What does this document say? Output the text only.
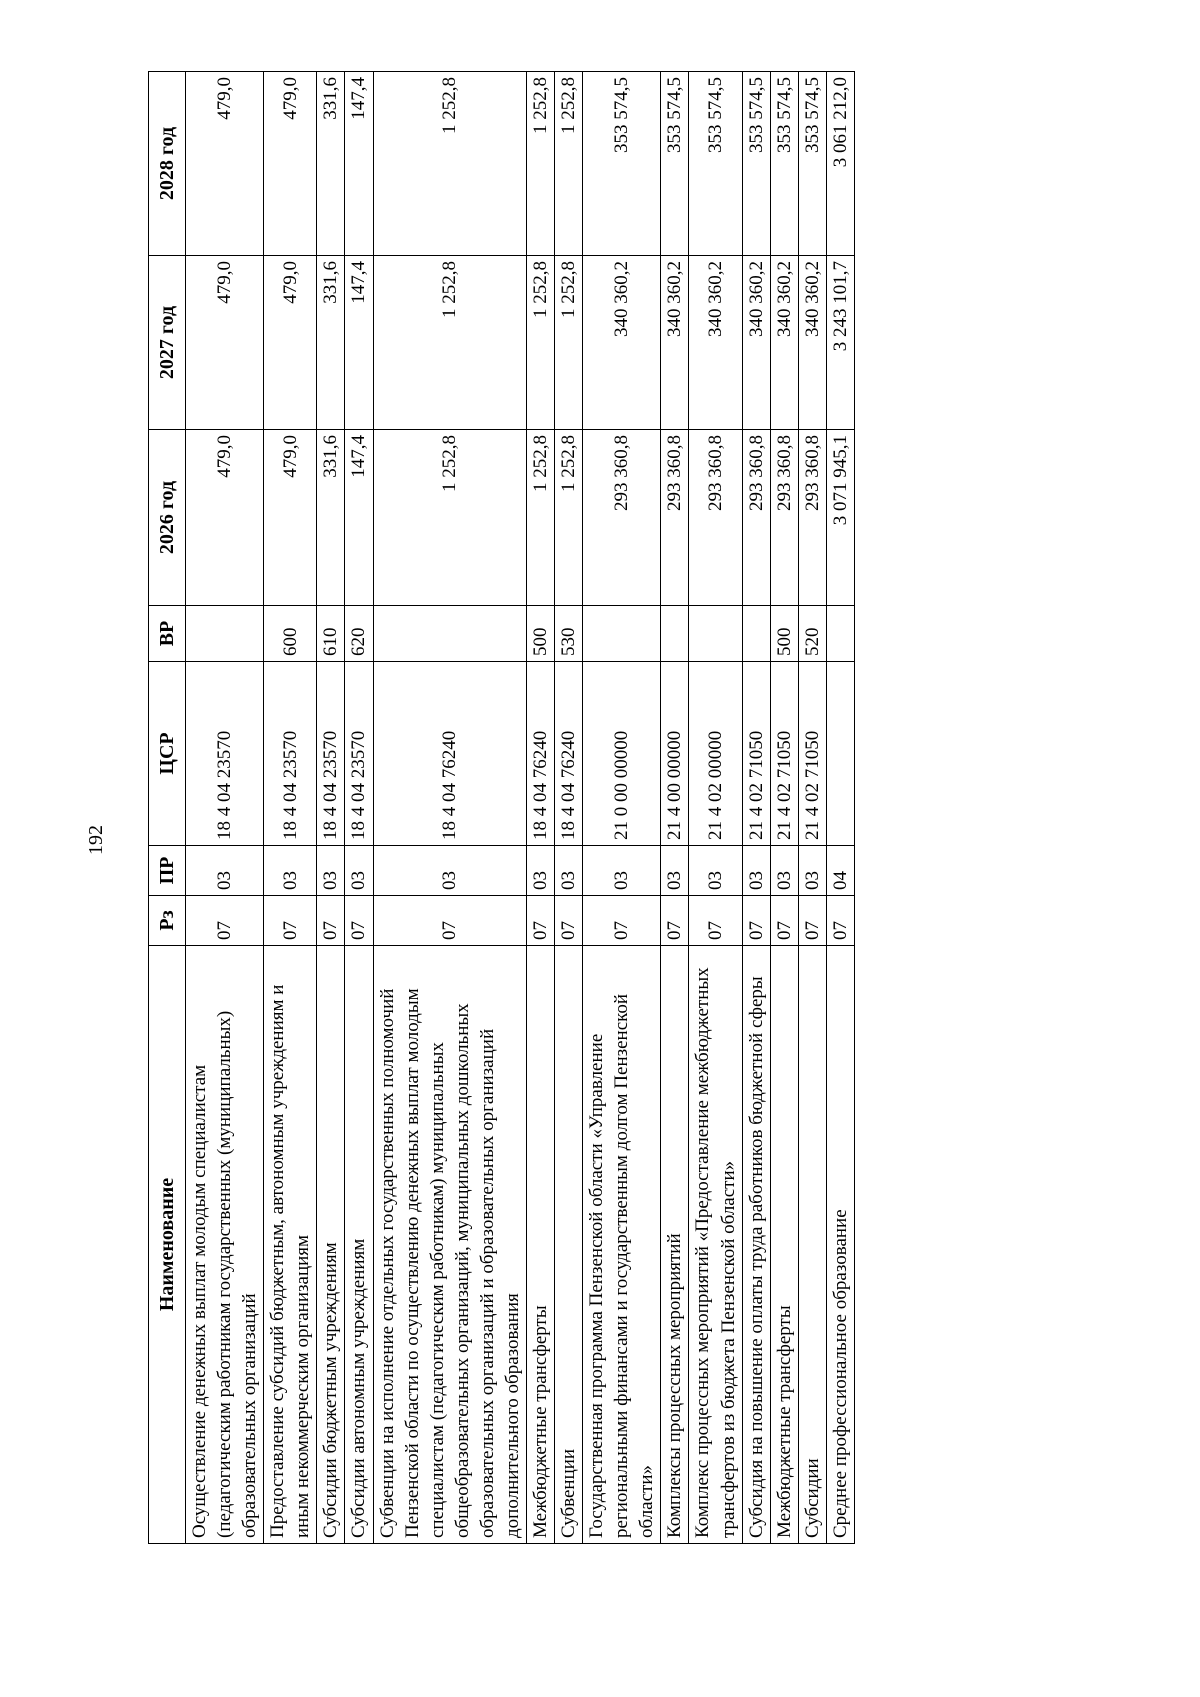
192
Наименование	Рз	ПР	ЦСР	ВР	2026 год	2027 год	2028 год
Осуществление денежных выплат молодым специалистам (педагогическим работникам государственных (муниципальных) образовательных организаций	07	03	18 4 04 23570		479,0	479,0	479,0
Предоставление субсидий бюджетным, автономным учреждениям и иным некоммерческим организациям	07	03	18 4 04 23570	600	479,0	479,0	479,0
Субсидии бюджетным учреждениям	07	03	18 4 04 23570	610	331,6	331,6	331,6
Субсидии автономным учреждениям	07	03	18 4 04 23570	620	147,4	147,4	147,4
Субвенции на исполнение отдельных государственных полномочий Пензенской области по осуществлению денежных выплат молодым специалистам (педагогическим работникам) муниципальных общеобразовательных организаций, муниципальных дошкольных образовательных организаций и образовательных организаций дополнительного образования	07	03	18 4 04 76240		1 252,8	1 252,8	1 252,8
Межбюджетные трансферты	07	03	18 4 04 76240	500	1 252,8	1 252,8	1 252,8
Субвенции	07	03	18 4 04 76240	530	1 252,8	1 252,8	1 252,8
Государственная программа Пензенской области «Управление региональными финансами и государственным долгом Пензенской области»	07	03	21 0 00 00000		293 360,8	340 360,2	353 574,5
Комплексы процессных мероприятий	07	03	21 4 00 00000		293 360,8	340 360,2	353 574,5
Комплекс процессных мероприятий «Предоставление межбюджетных трансфертов из бюджета Пензенской области»	07	03	21 4 02 00000		293 360,8	340 360,2	353 574,5
Субсидия на повышение оплаты труда работников бюджетной сферы	07	03	21 4 02 71050		293 360,8	340 360,2	353 574,5
Межбюджетные трансферты	07	03	21 4 02 71050	500	293 360,8	340 360,2	353 574,5
Субсидии	07	03	21 4 02 71050	520	293 360,8	340 360,2	353 574,5
Среднее профессиональное образование	07	04			3 071 945,1	3 243 101,7	3 061 212,0
